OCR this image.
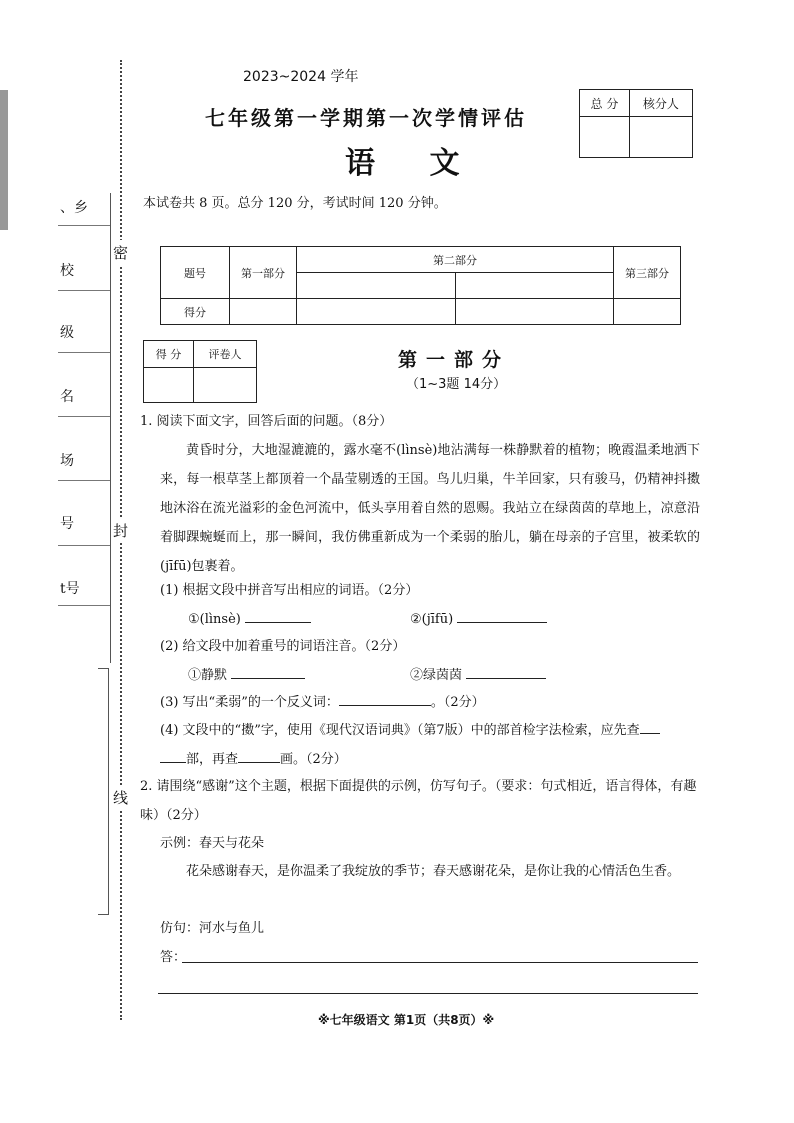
、乡
校
级
名
场
号
t号
密
封
线
2023~2024 学年
七年级第一学期第一次学情评估
语 文
本试卷共 8 页。总分 120 分，考试时间 120 分钟。
总 分	核分人

题号	第一部分	第二部分		第三部分

得分				
得 分	评卷人
		第一部分
（1~3题 14分）
1. 阅读下面文字，回答后面的问题。（8分）
黄昏时分，大地湿漉漉的，露水毫不(lìnsè)地沾满每一株静默着的植物；晚霞温柔地洒下来，每一根草茎上都顶着一个晶莹剔透的王国。鸟儿归巢，牛羊回家，只有骏马，仍精神抖擞地沐浴在流光溢彩的金色河流中，低头享用着自然的恩赐。我站立在绿茵茵的草地上，凉意沿着脚踝蜿蜒而上，那一瞬间，我仿佛重新成为一个柔弱的胎儿，躺在母亲的子宫里，被柔软的(jīfū)包裹着。
(1) 根据文段中拼音写出相应的词语。（2分）
①(lìnsè)	②(jīfū)
(2) 给文段中加着重号的词语注音。（2分）
①静默	②绿茵茵
(3) 写出“柔弱”的一个反义词：	。（2分）
(4) 文段中的“擞”字，使用《现代汉语词典》（第7版）中的部首检字法检索，应先查
部，再查	画。（2分）
2. 请围绕“感谢”这个主题，根据下面提供的示例，仿写句子。（要求：句式相近，语言得体，有趣味）（2分）
示例：春天与花朵
花朵感谢春天，是你温柔了我绽放的季节；春天感谢花朵，是你让我的心情活色生香。
仿句：河水与鱼儿
答：
※七年级语文 第1页（共8页）※
